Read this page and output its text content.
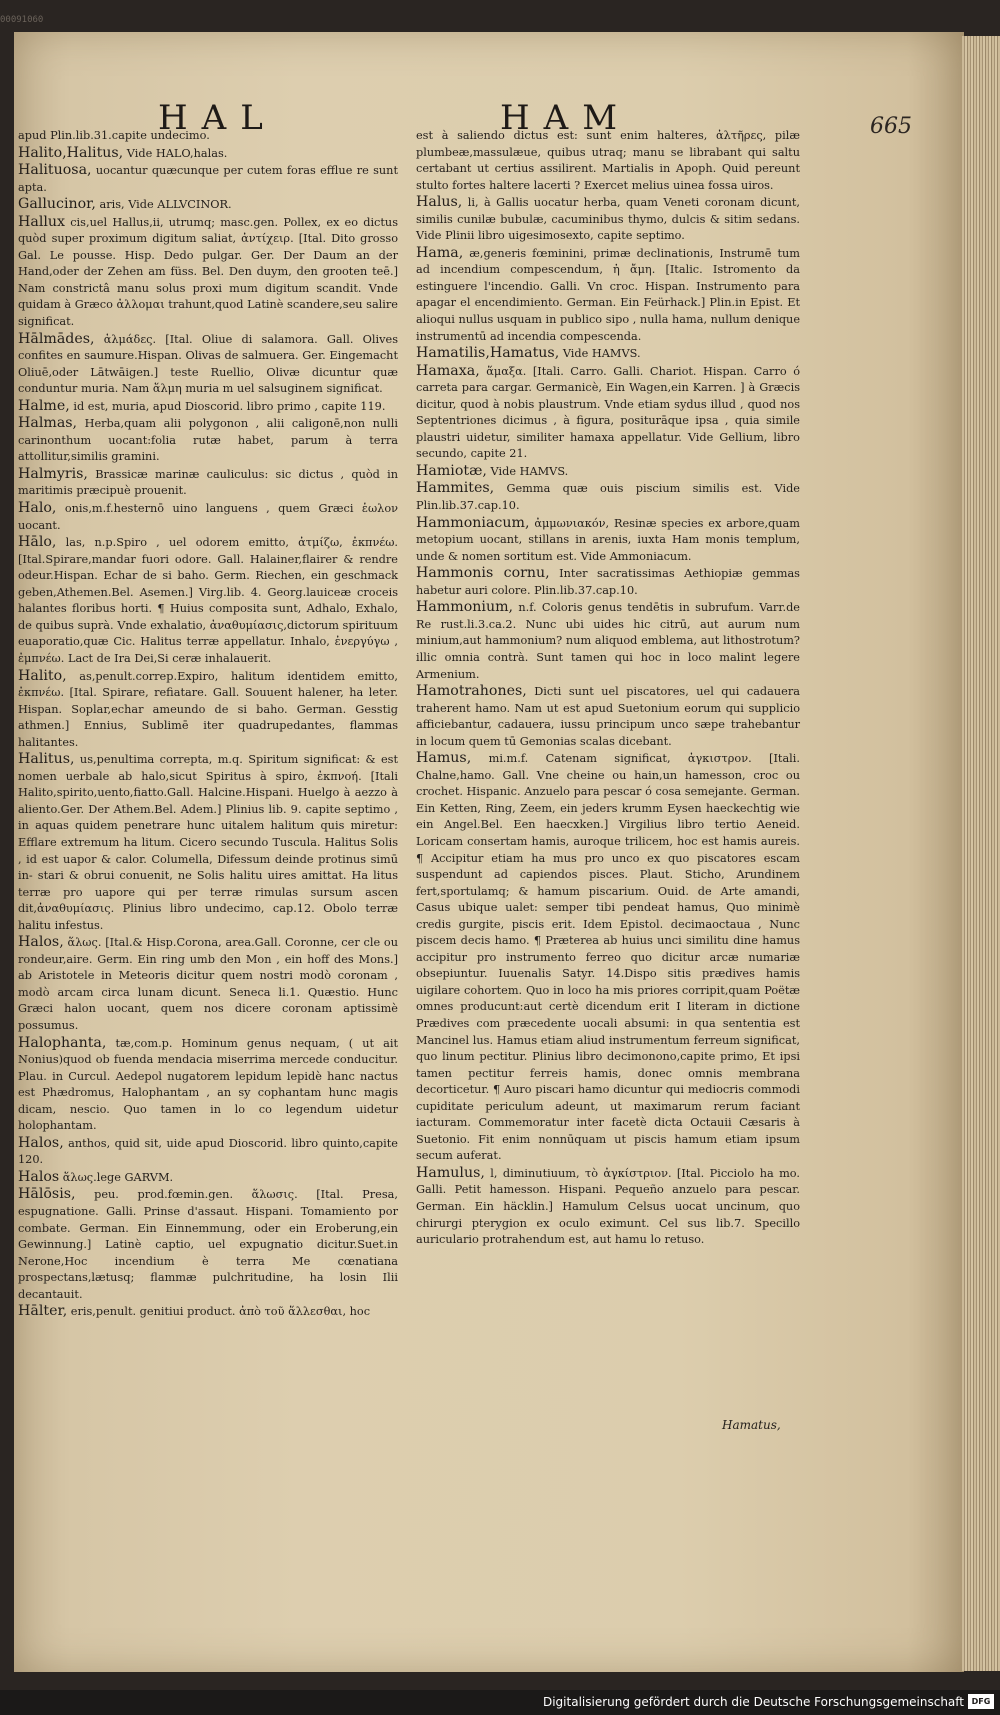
00091060
HAL	HAM	665
apud Plin.lib.31.capite undecimo.
Halito,Halitus, Vide HALO,halas.
Halituosa, uocantur quæcunque per cutem foras efflue re sunt apta.
Gallucinor, aris, Vide ALLVCINOR.
Hallux cis,uel Hallus,ii, utrumq; masc.gen. Pollex, ex eo dictus quòd super proximum digitum saliat, ἀντίχειρ. [Ital. Dito grosso Gal. Le pousse. Hisp. Dedo pulgar. Ger. Der Daum an der Hand,oder der Zehen am füss. Bel. Den duym, den grooten teē.] Nam constrictâ manu solus proxi mum digitum scandit. Vnde quidam à Græco ἀλλομαι trahunt,quod Latinè scandere,seu salire significat.
Hālmādes, ἁλμάδες. [Ital. Oliue di salamora. Gall. Olives confites en saumure.Hispan. Olivas de salmuera. Ger. Eingemacht Oliuē,oder Lātwāigen.] teste Ruellio, Olivæ dicuntur quæ conduntur muria. Nam ἅλμη muria m uel salsuginem significat.
Halme, id est, muria, apud Dioscorid. libro primo , capite 119.
Halmas, Herba,quam alii polygonon , alii caligonē,non nulli carinonthum uocant:folia rutæ habet, parum à terra attollitur,similis gramini.
Halmyris, Brassicæ marinæ cauliculus: sic dictus , quòd in maritimis præcipuè prouenit.
Halo, onis,m.f.hesternō uino languens , quem Græci ἑωλον uocant.
Hālo, las, n.p.Spiro , uel odorem emitto, ἀτμίζω, ἐκπνέω. [Ital.Spirare,mandar fuori odore. Gall. Halainer,flairer & rendre odeur.Hispan. Echar de si baho. Germ. Riechen, ein geschmack geben,Athemen.Bel. Asemen.] Virg.lib. 4. Georg.lauiceæ croceis halantes floribus horti. ¶ Huius composita sunt, Adhalo, Exhalo, de quibus suprà. Vnde exhalatio, ἀναθυμίασις,dictorum spirituum euaporatio,quæ Cic. Halitus terræ appellatur. Inhalo, ἐνεργύγω , ἐμπνέω. Lact de Ira Dei,Si ceræ inhalauerit.
Halito, as,penult.correp.Expiro, halitum identidem emitto, ἐκπνέω. [Ital. Spirare, refiatare. Gall. Souuent halener, ha leter. Hispan. Soplar,echar ameundo de si baho. German. Gesstig athmen.] Ennius, Sublimē iter quadrupedantes, flammas halitantes.
Halitus, us,penultima correpta, m.q. Spiritum significat: & est nomen uerbale ab halo,sicut Spiritus à spiro, ἐκπνοή. [Itali Halito,spirito,uento,fiatto.Gall. Halcine.Hispani. Huelgo à aezzo à aliento.Ger. Der Athem.Bel. Adem.] Plinius lib. 9. capite septimo , in aquas quidem penetrare hunc uitalem halitum quis miretur: Efflare extremum ha litum. Cicero secundo Tuscula. Halitus Solis , id est uapor & calor. Columella, Difessum deinde protinus simū in- stari & obrui conuenit, ne Solis halitu uires amittat. Ha litus terræ pro uapore qui per terræ rimulas sursum ascen dit,ἀναθυμίασις. Plinius libro undecimo, cap.12. Obolo terræ halitu infestus.
Halos, ἅλως. [Ital.& Hisp.Corona, area.Gall. Coronne, cer cle ou rondeur,aire. Germ. Ein ring umb den Mon , ein hoff des Mons.] ab Aristotele in Meteoris dicitur quem nostri modò coronam , modò arcam circa lunam dicunt. Seneca li.1. Quæstio. Hunc Græci halon uocant, quem nos dicere coronam aptissimè possumus.
Halophanta, tæ,com.p. Hominum genus nequam, ( ut ait Nonius)quod ob fuenda mendacia miserrima mercede conducitur. Plau. in Curcul. Aedepol nugatorem lepidum lepidè hanc nactus est Phædromus, Halophantam , an sy cophantam hunc magis dicam, nescio. Quo tamen in lo co legendum uidetur holophantam.
Halos, anthos, quid sit, uide apud Dioscorid. libro quinto,capite 120.
Halos ἅλως.lege GARVM.
Hālōsis, peu. prod.fœmin.gen. ἅλωσις. [Ital. Presa, espugnatione. Galli. Prinse d'assaut. Hispani. Tomamiento por combate. German. Ein Einnemmung, oder ein Eroberung,ein Gewinnung.] Latinè captio, uel expugnatio dicitur.Suet.in Nerone,Hoc incendium è terra Me cœnatiana prospectans,lætusq; flammæ pulchritudine, ha losin Ilii decantauit.
Hālter, eris,penult. genitiui product. ἀπὸ τοῦ ἅλλεσθαι, hoc
est à saliendo dictus est: sunt enim halteres, ἀλτῆρες, pilæ plumbeæ,massulæue, quibus utraq; manu se librabant qui saltu certabant ut certius assilirent. Martialis in Apoph. Quid pereunt stulto fortes haltere lacerti ? Exercet melius uinea fossa uiros.
Halus, li, à Gallis uocatur herba, quam Veneti coronam dicunt, similis cunilæ bubulæ, cacuminibus thymo, dulcis & sitim sedans. Vide Plinii libro uigesimosexto, capite septimo.
Hama, æ,generis fœminini, primæ declinationis, Instrumē tum ad incendium compescendum, ἡ ἄμη. [Italic. Istromento da estinguere l'incendio. Galli. Vn croc. Hispan. Instrumento para apagar el encendimiento. German. Ein Feürhack.] Plin.in Epist. Et alioqui nullus usquam in publico sipo , nulla hama, nullum denique instrumentū ad incendia compescenda.
Hamatilis,Hamatus, Vide HAMVS.
Hamaxa, ἅμαξα. [Itali. Carro. Galli. Chariot. Hispan. Carro ó carreta para cargar. Germanicè, Ein Wagen,ein Karren. ] à Græcis dicitur, quod à nobis plaustrum. Vnde etiam sydus illud , quod nos Septentriones dicimus , à figura, positurāque ipsa , quia simile plaustri uidetur, similiter hamaxa appellatur. Vide Gellium, libro secundo, capite 21.
Hamiotæ, Vide HAMVS.
Hammites, Gemma quæ ouis piscium similis est. Vide Plin.lib.37.cap.10.
Hammoniacum, ἀμμωνιακόν, Resinæ species ex arbore,quam metopium uocant, stillans in arenis, iuxta Ham monis templum, unde & nomen sortitum est. Vide Ammoniacum.
Hammonis cornu, Inter sacratissimas Aethiopiæ gemmas habetur auri colore. Plin.lib.37.cap.10.
Hammonium, n.f. Coloris genus tendētis in subrufum. Varr.de Re rust.li.3.ca.2. Nunc ubi uides hic citrū, aut aurum num minium,aut hammonium? num aliquod emblema, aut lithostrotum? illic omnia contrà. Sunt tamen qui hoc in loco malint legere Armenium.
Hamotrahones, Dicti sunt uel piscatores, uel qui cadauera traherent hamo. Nam ut est apud Suetonium eorum qui supplicio afficiebantur, cadauera, iussu principum unco sæpe trahebantur in locum quem tū Gemonias scalas dicebant.
Hamus, mi.m.f. Catenam significat, ἀγκιστρον. [Itali. Chalne,hamo. Gall. Vne cheine ou hain,un hamesson, croc ou crochet. Hispanic. Anzuelo para pescar ó cosa semejante. German. Ein Ketten, Ring, Zeem, ein jeders krumm Eysen haeckechtig wie ein Angel.Bel. Een haecxken.] Virgilius libro tertio Aeneid. Loricam consertam hamis, auroque trilicem, hoc est hamis aureis. ¶ Accipitur etiam ha mus pro unco ex quo piscatores escam suspendunt ad capiendos pisces. Plaut. Sticho, Arundinem fert,sportulamq; & hamum piscarium. Ouid. de Arte amandi, Casus ubique ualet: semper tibi pendeat hamus, Quo minimè credis gurgite, piscis erit. Idem Epistol. decimaoctaua , Nunc piscem decis hamo. ¶ Præterea ab huius unci similitu dine hamus accipitur pro instrumento ferreo quo dicitur arcæ numariæ obsepiuntur. Iuuenalis Satyr. 14.Dispo sitis prædives hamis uigilare cohortem. Quo in loco ha mis priores corripit,quam Poëtæ omnes producunt:aut certè dicendum erit I literam in dictione Prædives com præcedente uocali absumi: in qua sententia est Mancinel lus. Hamus etiam aliud instrumentum ferreum significat, quo linum pectitur. Plinius libro decimonono,capite primo, Et ipsi tamen pectitur ferreis hamis, donec omnis membrana decorticetur. ¶ Auro piscari hamo dicuntur qui mediocris commodi cupiditate periculum adeunt, ut maximarum rerum faciant iacturam. Commemoratur inter facetè dicta Octauii Cæsaris à Suetonio. Fit enim nonnūquam ut piscis hamum etiam ipsum secum auferat.
Hamulus, l, diminutiuum, τὸ ἀγκίστριον. [Ital. Picciolo ha mo. Galli. Petit hamesson. Hispani. Pequeño anzuelo para pescar. German. Ein häcklin.] Hamulum Celsus uocat uncinum, quo chirurgi pterygion ex oculo eximunt. Cel sus lib.7. Specillo auriculario protrahendum est, aut hamu lo retuso.
Hamatus,
Digitalisierung gefördert durch die Deutsche Forschungsgemeinschaft DFG
